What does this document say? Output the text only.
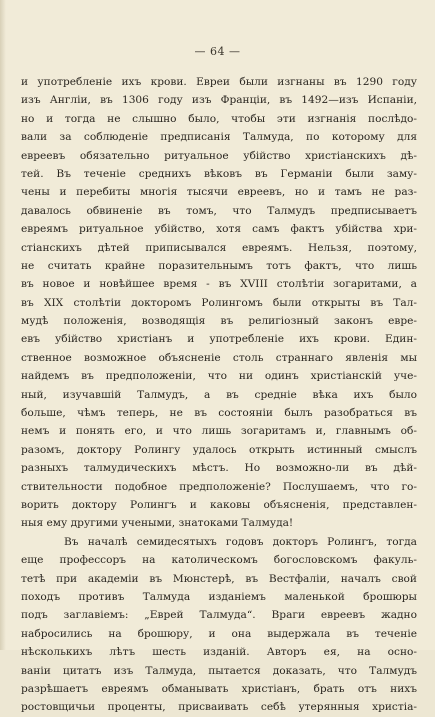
— 64 —
и употребленіе ихъ крови. Евреи были изгнаны въ 1290 году
изъ Англіи, въ 1306 году изъ Франціи, въ 1492—изъ Испаніи,
но и тогда не слышно было, чтобы эти изгнанія послѣдо-
вали за соблюденіе предписанія Талмуда, по которому для
евреевъ обязательно ритуальное убійство христіанскихъ дѣ-
тей. Въ теченіе среднихъ вѣковъ въ Германіи были заму-
чены и перебиты многія тысячи евреевъ, но и тамъ не раз-
давалось обвиненіе въ томъ, что Талмудъ предписываетъ
евреямъ ритуальное убійство, хотя самъ фактъ убійства хри-
стіанскихъ дѣтей приписывался евреямъ. Нельзя, поэтому,
не считать крайне поразительнымъ тотъ фактъ, что лишь
въ новое и новѣйшее время - въ XVIII столѣтіи зогаритами, а
въ XIX столѣтіи докторомъ Ролингомъ были открыты въ Тал-
мудѣ положенія, возводящія въ религіозный законъ евре-
евъ убійство христіанъ и употребленіе ихъ крови. Един-
ственное возможное объясненіе столь страннаго явленія мы
найдемъ въ предположеніи, что ни одинъ христіанскій уче-
ный, изучавшій Талмудъ, а въ средніе вѣка ихъ было
больше, чѣмъ теперь, не въ состояніи былъ разобраться въ
немъ и понять его, и что лишь зогаритамъ и, главнымъ об-
разомъ, доктору Ролингу удалось открыть истинный смыслъ
разныхъ талмудическихъ мѣстъ. Но возможно-ли въ дѣй-
ствительности подобное предположеніе? Послушаемъ, что го-
ворить доктору Ролингъ и каковы объясненія, представлен-
ныя ему другими учеными, знатоками Талмуда!
Въ началѣ семидесятыхъ годовъ докторъ Ролингъ, тогда
еще профессоръ на католическомъ богословскомъ факуль-
тетѣ при академіи въ Мюнстерѣ, въ Вестфаліи, началъ свой
походъ противъ Талмуда изданіемъ маленькой брошюры
подъ заглавіемъ: „Еврей Талмуда“. Враги евреевъ жадно
набросились на брошюру, и она выдержала въ теченіе
нѣсколькихъ лѣтъ шесть изданій. Авторъ ея, на осно-
ваніи цитатъ изъ Талмуда, пытается доказать, что Талмудъ
разрѣшаетъ евреямъ обманывать христіанъ, брать отъ нихъ
ростовщичьи проценты, присваивать себѣ утерянныя христіа-
